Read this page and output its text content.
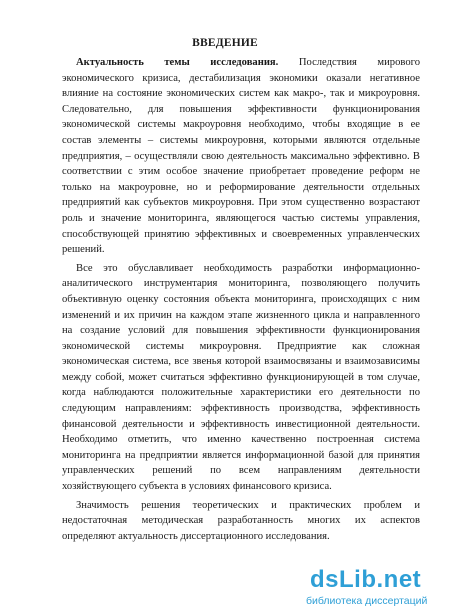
ВВЕДЕНИЕ
Актуальность темы исследования. Последствия мирового
экономического кризиса, дестабилизация экономики оказали негативное
влияние на состояние экономических систем как макро-, так и микроуровня.
Следовательно, для повышения эффективности функционирования
экономической системы макроуровня необходимо, чтобы входящие в ее
состав элементы – системы микроуровня, которыми являются отдельные
предприятия, – осуществляли свою деятельность максимально эффективно. В
соответствии с этим особое значение приобретает проведение реформ не
только на макроуровне, но и реформирование деятельности отдельных
предприятий как субъектов микроуровня. При этом существенно возрастают
роль и значение мониторинга, являющегося частью системы управления,
способствующей принятию эффективных и своевременных управленческих
решений.
Все это обуславливает необходимость разработки информационно-
аналитического инструментария мониторинга, позволяющего получить
объективную оценку состояния объекта мониторинга, происходящих с ним
изменений и их причин на каждом этапе жизненного цикла и направленного
на создание условий для повышения эффективности функционирования
экономической системы микроуровня. Предприятие как сложная
экономическая система, все звенья которой взаимосвязаны и взаимозависимы
между собой, может считаться эффективно функционирующей в том случае,
когда наблюдаются положительные характеристики его деятельности по
следующим направлениям: эффективность производства, эффективность
финансовой деятельности и эффективность инвестиционной деятельности.
Необходимо отметить, что именно качественно построенная система
мониторинга на предприятии является информационной базой для принятия
управленческих решений по всем направлениям деятельности
хозяйствующего субъекта в условиях финансового кризиса.
Значимость решения теоретических и практических проблем и
недостаточная методическая разработанность многих их аспектов
определяют актуальность диссертационного исследования.
dsLib.net
библиотека диссертаций
